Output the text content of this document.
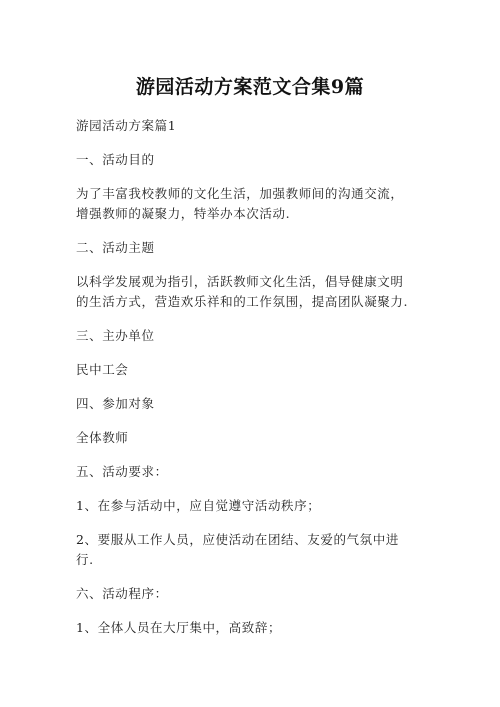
游园活动方案范文合集9篇

游园活动方案篇1

一、活动目的

为了丰富我校教师的文化生活，加强教师间的沟通交流，
增强教师的凝聚力，特举办本次活动.

二、活动主题

以科学发展观为指引，活跃教师文化生活，倡导健康文明
的生活方式，营造欢乐祥和的工作氛围，提高团队凝聚力.

三、主办单位

民中工会

四、参加对象

全体教师

五、活动要求：

1、在参与活动中，应自觉遵守活动秩序；

2、要服从工作人员，应使活动在团结、友爱的气氛中进
行.

六、活动程序：

1、全体人员在大厅集中，高致辞；
